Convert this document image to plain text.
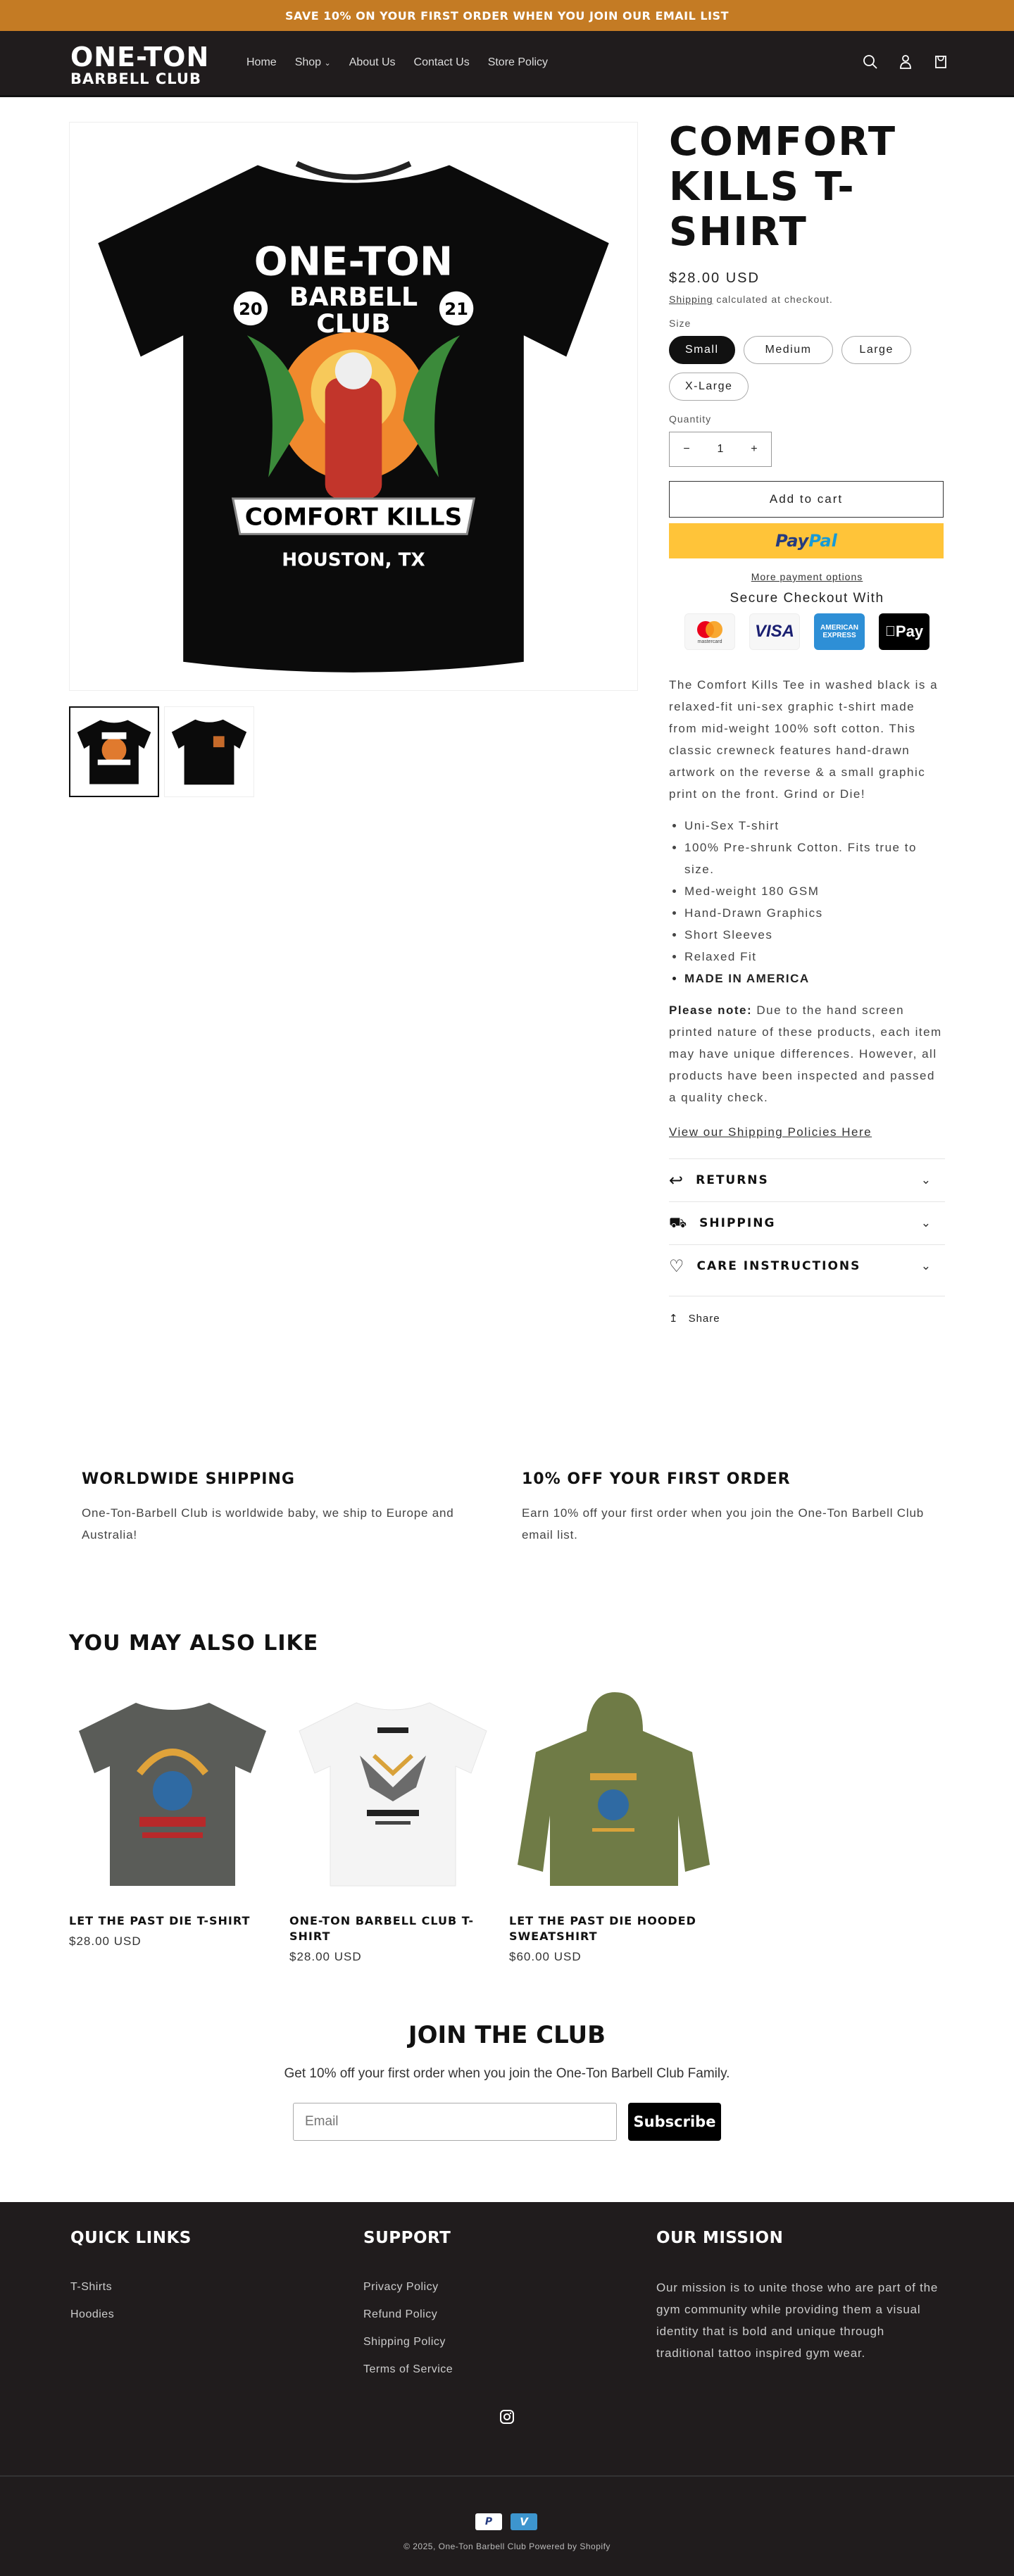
SAVE 10% ON YOUR FIRST ORDER WHEN YOU JOIN OUR EMAIL LIST
ONE-TON
BARBELL CLUB
Home Shop ⌄ About Us Contact Us Store Policy
ONE-TON
BARBELL
CLUB
20	21
COMFORT KILLS
HOUSTON, TX
COMFORT KILLS T-SHIRT
$28.00 USD
Shipping calculated at checkout.
Size
Small	Medium	Large
X-Large
Quantity
− 1 +
Add to cart
Pay Pal
More payment options
Secure Checkout With
mastercard
VISA	AMERICAN EXPRESS	Pay

The Comfort Kills Tee in washed black is a relaxed-fit uni-sex graphic t-shirt made from mid-weight 100% soft cotton. This classic crewneck features hand-drawn artwork on the reverse & a small graphic print on the front. Grind or Die!

• Uni-Sex T-shirt
• 100% Pre-shrunk Cotton. Fits true to size.
• Med-weight 180 GSM
• Hand-Drawn Graphics
• Short Sleeves
• Relaxed Fit
• MADE IN AMERICA

Please note: Due to the hand screen printed nature of these products, each item may have unique differences. However, all products have been inspected and passed a quality check.

View our Shipping Policies Here
↩ RETURNS	⌄
⛟ SHIPPING	⌄
♡ CARE INSTRUCTIONS	⌄
↥ Share
WORLDWIDE SHIPPING

One-Ton-Barbell Club is worldwide baby, we ship to Europe and Australia!

10% OFF YOUR FIRST ORDER

Earn 10% off your first order when you join the One-Ton Barbell Club email list.

YOU MAY ALSO LIKE
LET THE PAST DIE T-SHIRT
$28.00 USD
ONE-TON BARBELL CLUB T-SHIRT
$28.00 USD
LET THE PAST DIE HOODED SWEATSHIRT
$60.00 USD
JOIN THE CLUB

Get 10% off your first order when you join the One-Ton Barbell Club Family.

Email
Subscribe
QUICK LINKS
T-Shirts
Hoodies
SUPPORT
Privacy Policy
Refund Policy
Shipping Policy
Terms of Service
OUR MISSION

Our mission is to unite those who are part of the gym community while providing them a visual identity that is bold and unique through traditional tattoo inspired gym wear.

P	V
© 2025, One-Ton Barbell Club Powered by Shopify
